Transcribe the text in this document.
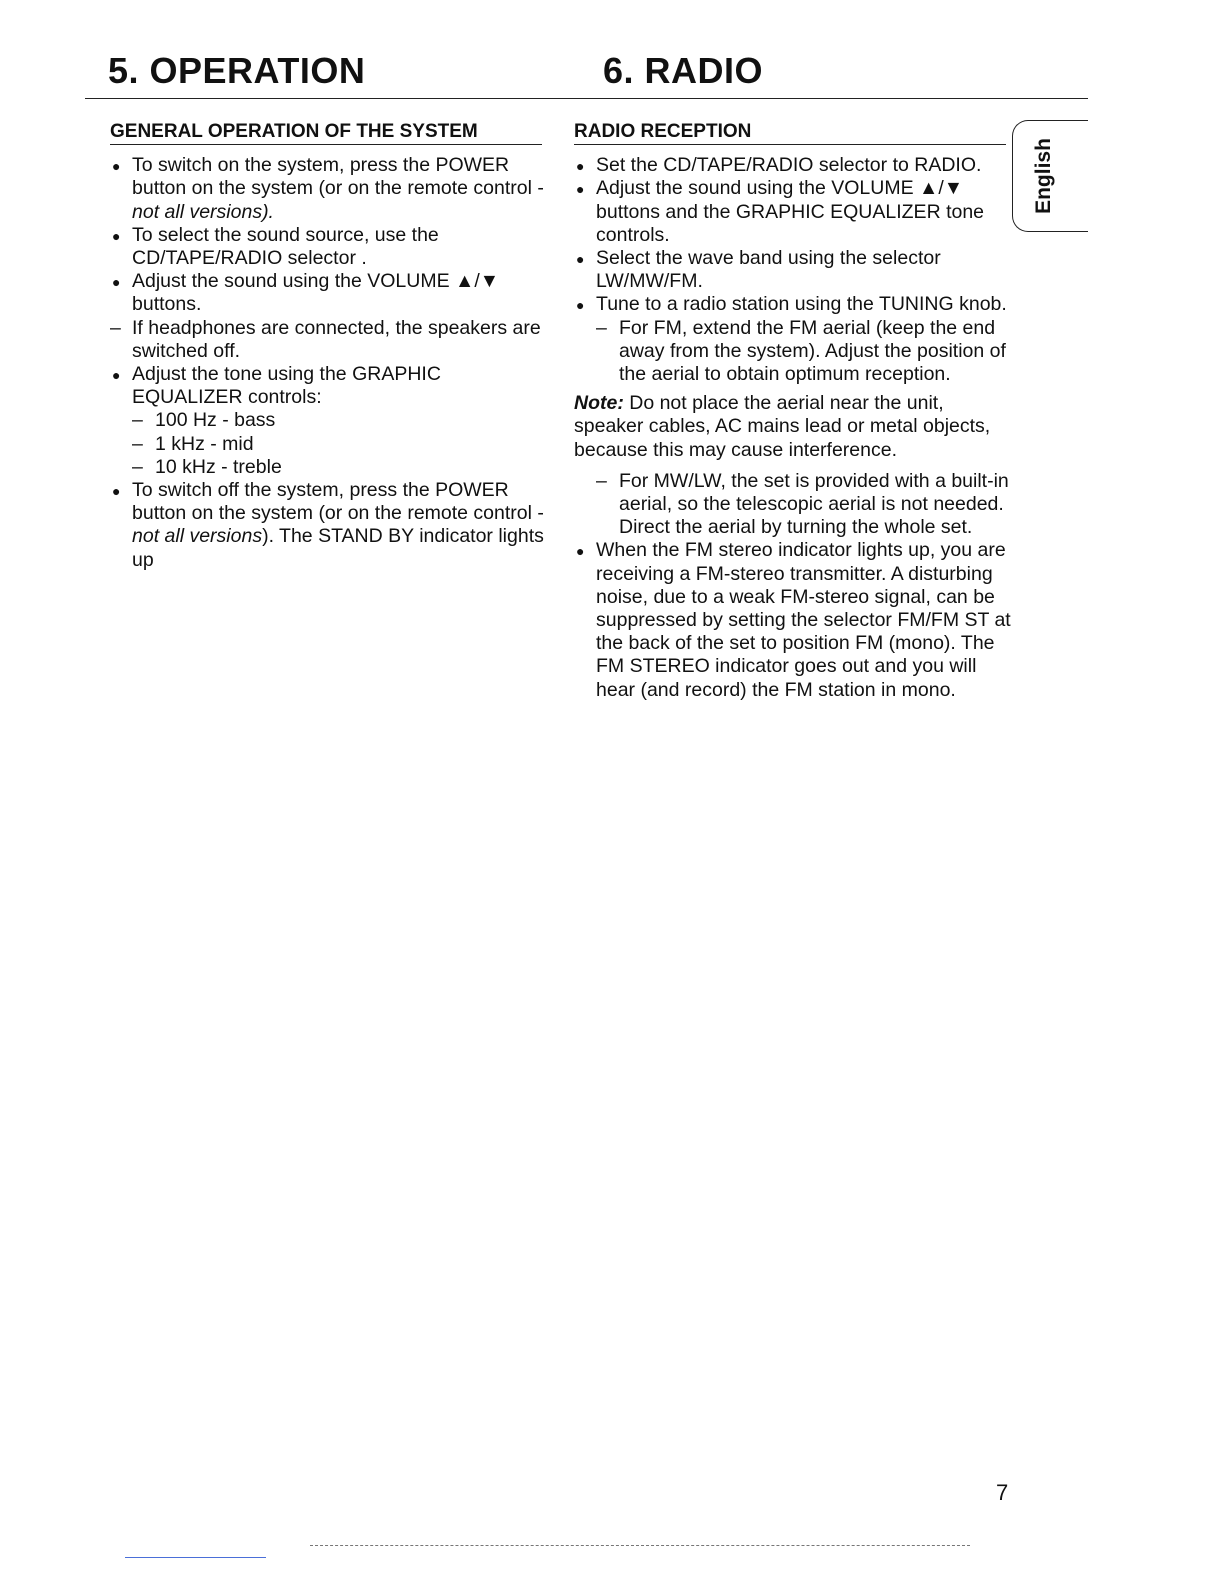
5. OPERATION	6. RADIO
GENERAL OPERATION OF THE SYSTEM
● To switch on the system, press the POWER button on the system (or on the remote control - not all versions).
● To select the sound source, use the CD/TAPE/RADIO selector .
● Adjust the sound using the VOLUME ▲/▼ buttons.
– If headphones are connected, the speakers are switched off.
● Adjust the tone using the GRAPHIC EQUALIZER controls:
– 100 Hz - bass
– 1 kHz - mid
– 10 kHz - treble
● To switch off the system, press the POWER button on the system (or on the remote control - not all versions). The STAND BY indicator lights up
RADIO RECEPTION
● Set the CD/TAPE/RADIO selector to RADIO.
● Adjust the sound using the VOLUME ▲/▼ buttons and the GRAPHIC EQUALIZER tone controls.
● Select the wave band using the selector LW/MW/FM.
● Tune to a radio station using the TUNING knob.
– For FM, extend the FM aerial (keep the end away from the system). Adjust the position of the aerial to obtain optimum reception.

Note: Do not place the aerial near the unit, speaker cables, AC mains lead or metal objects, because this may cause interference.

– For MW/LW, the set is provided with a built-in aerial, so the telescopic aerial is not needed. Direct the aerial by turning the whole set.
● When the FM stereo indicator lights up, you are receiving a FM-stereo transmitter. A disturbing noise, due to a weak FM-stereo signal, can be suppressed by setting the selector FM/FM ST at the back of the set to position FM (mono). The FM STEREO indicator goes out and you will hear (and record) the FM station in mono.
English
7
